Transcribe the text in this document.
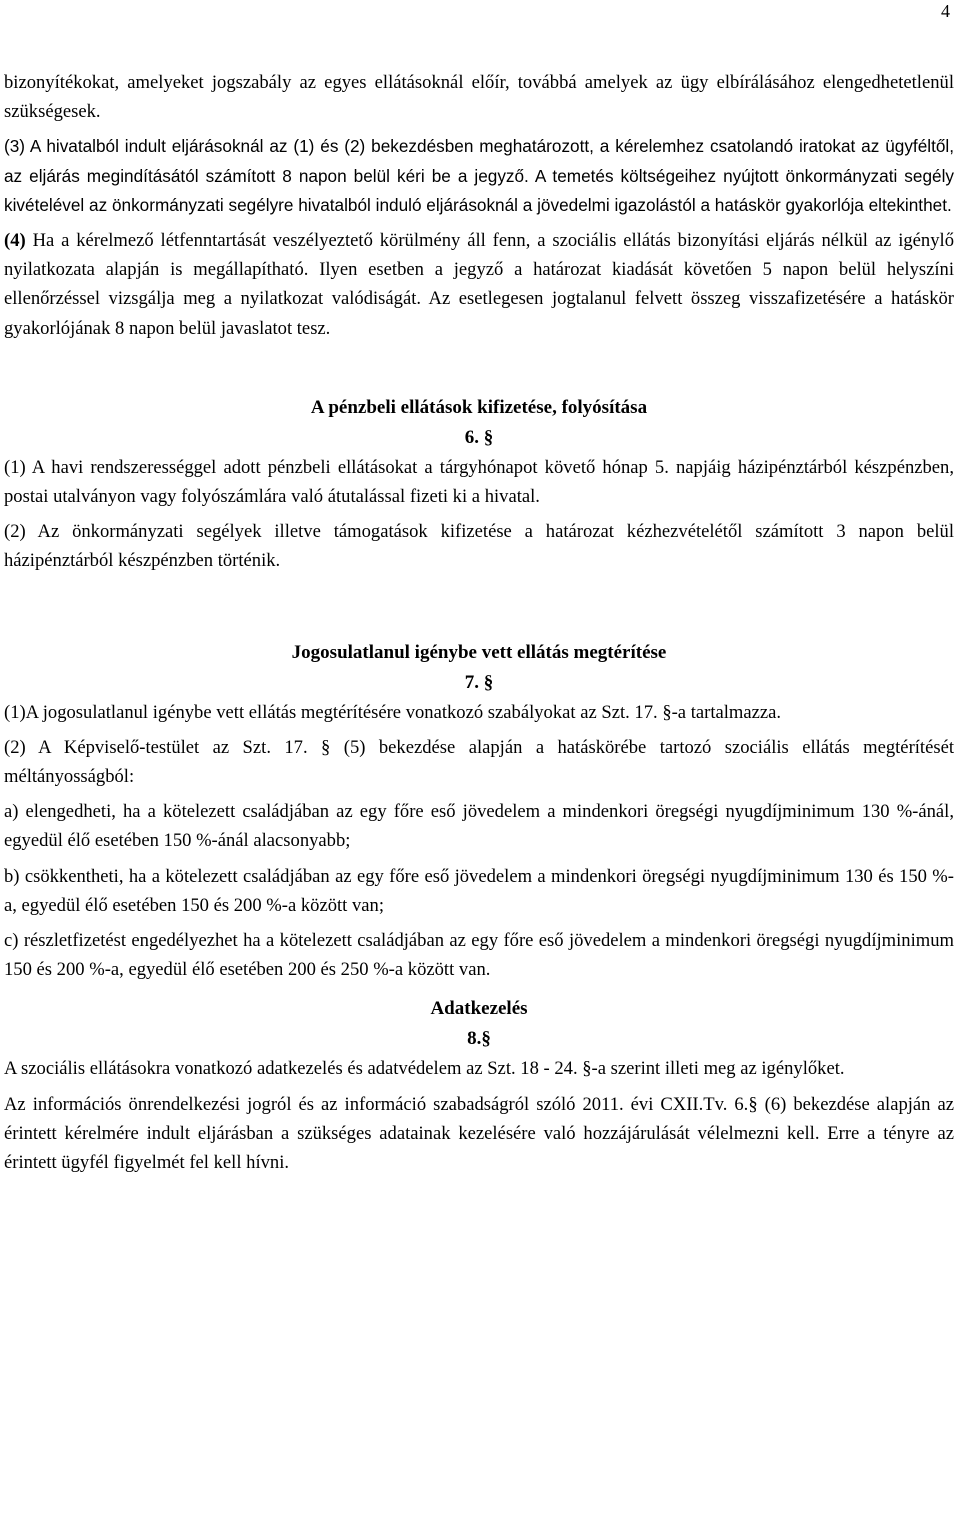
4

bizonyítékokat, amelyeket jogszabály az egyes ellátásoknál előír, továbbá amelyek az ügy elbírálásához elengedhetetlenül szükségesek.

(3) A hivatalból indult eljárásoknál az (1) és (2) bekezdésben meghatározott, a kérelemhez csatolandó iratokat az ügyféltől, az eljárás megindításától számított 8 napon belül kéri be a jegyző. A temetés költségeihez nyújtott önkormányzati segély kivételével az önkormányzati segélyre hivatalból induló eljárásoknál a jövedelmi igazolástól a hatáskör gyakorlója eltekinthet.

(4) Ha a kérelmező létfenntartását veszélyeztető körülmény áll fenn, a szociális ellátás bizonyítási eljárás nélkül az igénylő nyilatkozata alapján is megállapítható. Ilyen esetben a jegyző a határozat kiadását követően 5 napon belül helyszíni ellenőrzéssel vizsgálja meg a nyilatkozat valódiságát. Az esetlegesen jogtalanul felvett összeg visszafizetésére a hatáskör gyakorlójának 8 napon belül javaslatot tesz.

A pénzbeli ellátások kifizetése, folyósítása
6. §

(1) A havi rendszerességgel adott pénzbeli ellátásokat a tárgyhónapot követő hónap 5. napjáig házipénztárból készpénzben, postai utalványon vagy folyószámlára való átutalással fizeti ki a hivatal.

(2) Az önkormányzati segélyek illetve támogatások kifizetése a határozat kézhezvételétől számított 3 napon belül házipénztárból készpénzben történik.

Jogosulatlanul igénybe vett ellátás megtérítése
7. §

(1)A jogosulatlanul igénybe vett ellátás megtérítésére vonatkozó szabályokat az Szt. 17. §-a tartalmazza.

(2) A Képviselő-testület az Szt. 17. § (5) bekezdése alapján a hatáskörébe tartozó szociális ellátás megtérítését méltányosságból:

a) elengedheti, ha a kötelezett családjában az egy főre eső jövedelem a mindenkori öregségi nyugdíjminimum 130 %-ánál, egyedül élő esetében 150 %-ánál alacsonyabb;

b) csökkentheti, ha a kötelezett családjában az egy főre eső jövedelem a mindenkori öregségi nyugdíjminimum 130 és 150 %-a, egyedül élő esetében 150 és 200 %-a között van;

c) részletfizetést engedélyezhet ha a kötelezett családjában az egy főre eső jövedelem a mindenkori öregségi nyugdíjminimum 150 és 200 %-a, egyedül élő esetében 200 és 250 %-a között van.

Adatkezelés
8.§

A szociális ellátásokra vonatkozó adatkezelés és adatvédelem az Szt. 18 - 24. §-a szerint illeti meg az igénylőket.

Az információs önrendelkezési jogról és az információ szabadságról szóló 2011. évi CXII.Tv. 6.§ (6) bekezdése alapján az érintett kérelmére indult eljárásban a szükséges adatainak kezelésére való hozzájárulását vélelmezni kell. Erre a tényre az érintett ügyfél figyelmét fel kell hívni.
